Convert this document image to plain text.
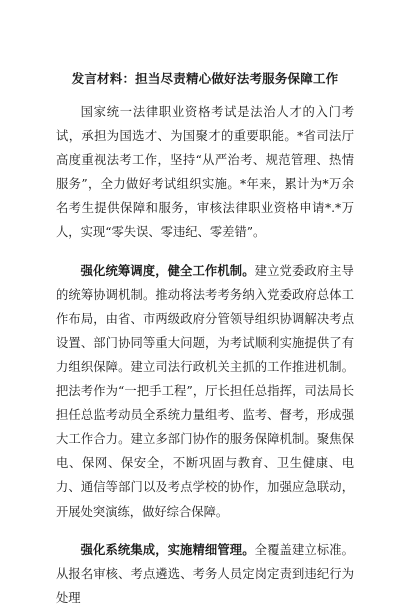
发言材料：担当尽责精心做好法考服务保障工作

国家统一法律职业资格考试是法治人才的入门考试，承担为国选才、为国聚才的重要职能。*省司法厅高度重视法考工作，坚持“从严治考、规范管理、热情服务”，全力做好考试组织实施。*年来，累计为*万余名考生提供保障和服务，审核法律职业资格申请*.*万人，实现“零失误、零违纪、零差错”。

强化统筹调度，健全工作机制。建立党委政府主导的统筹协调机制。推动将法考考务纳入党委政府总体工作布局，由省、市两级政府分管领导组织协调解决考点设置、部门协同等重大问题，为考试顺利实施提供了有力组织保障。建立司法行政机关主抓的工作推进机制。把法考作为“一把手工程”，厅长担任总指挥，司法局长担任总监考动员全系统力量组考、监考、督考，形成强大工作合力。建立多部门协作的服务保障机制。聚焦保电、保网、保安全，不断巩固与教育、卫生健康、电力、通信等部门以及考点学校的协作，加强应急联动，开展处突演练，做好综合保障。

强化系统集成，实施精细管理。全覆盖建立标准。从报名审核、考点遴选、考务人员定岗定责到违纪行为处理
